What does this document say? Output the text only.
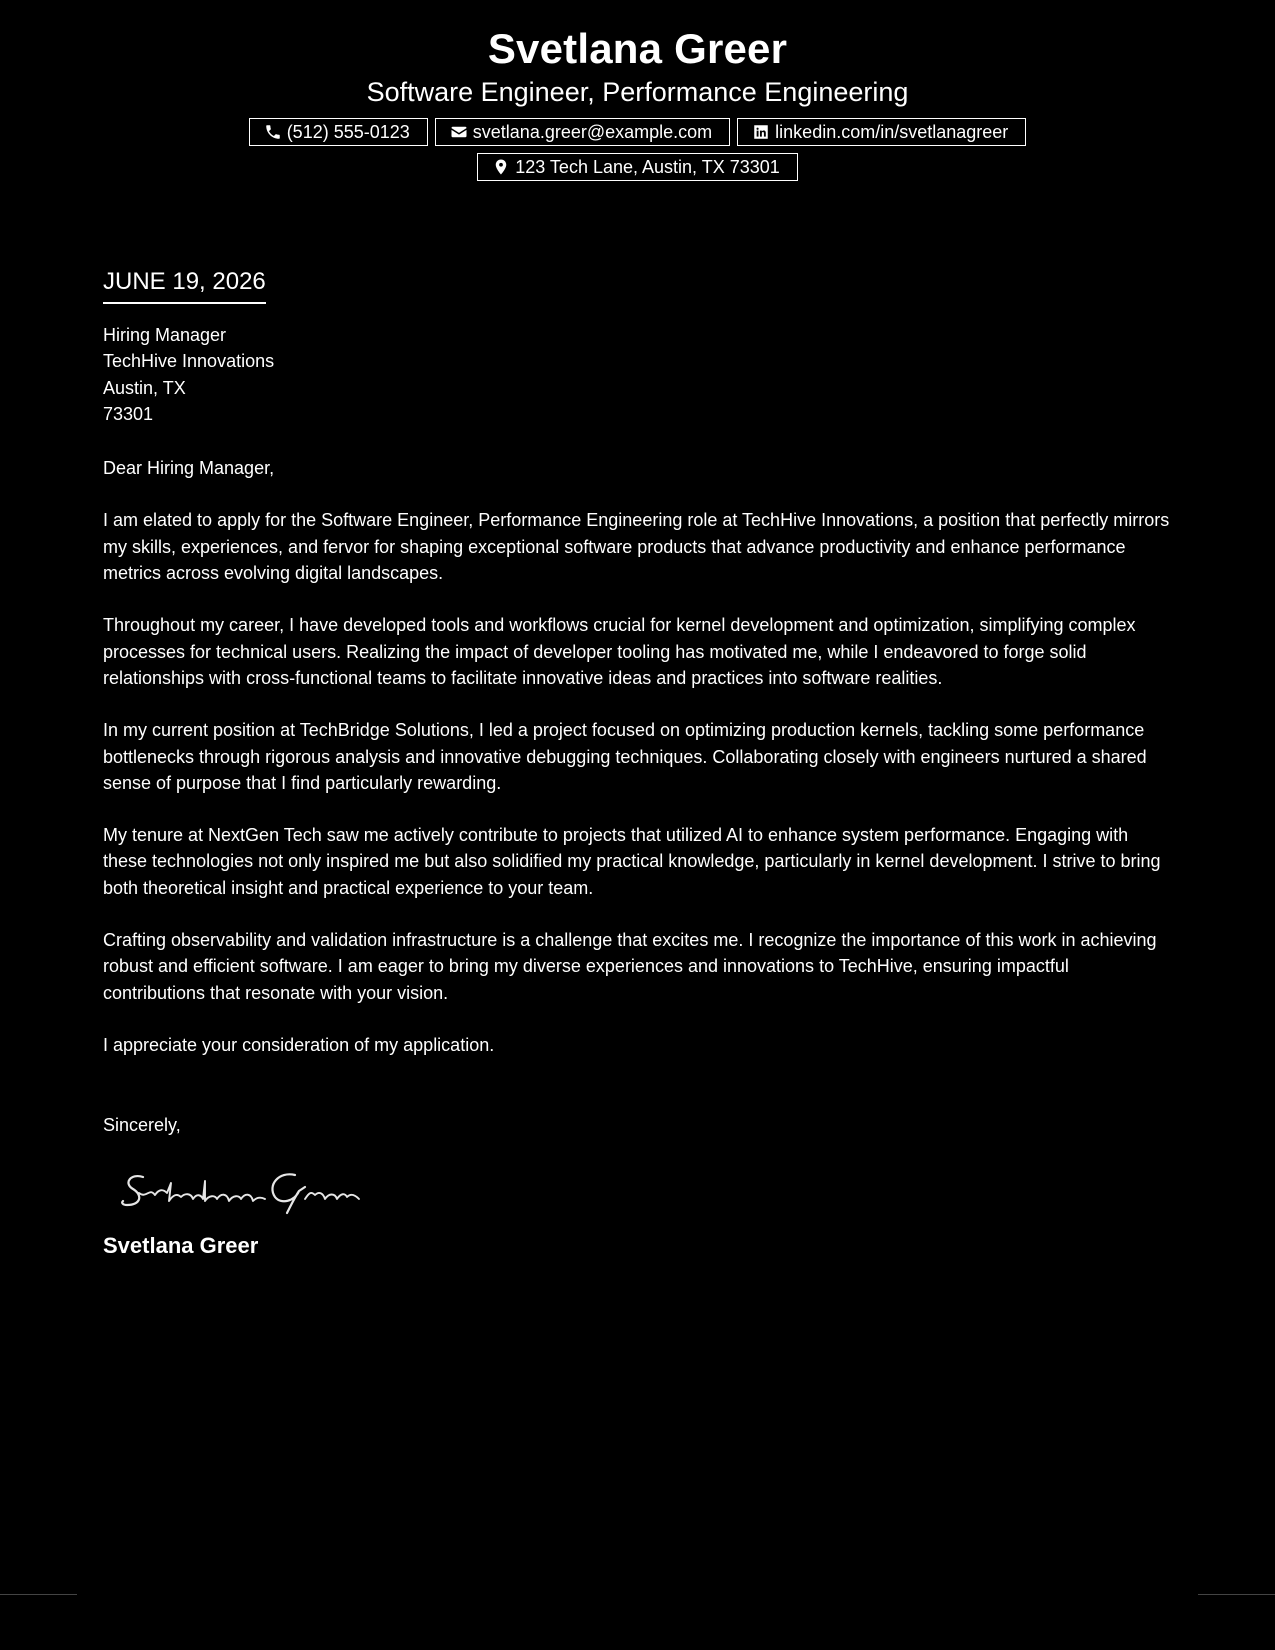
Svetlana Greer
Software Engineer, Performance Engineering
(512) 555-0123	svetlana.greer@example.com	linkedin.com/in/svetlanagreer
123 Tech Lane, Austin, TX 73301
JUNE 19, 2026
Hiring Manager
TechHive Innovations
Austin, TX
73301

Dear Hiring Manager,

I am elated to apply for the Software Engineer, Performance Engineering role at TechHive Innovations, a position that perfectly mirrors my skills, experiences, and fervor for shaping exceptional software products that advance productivity and enhance performance metrics across evolving digital landscapes.

Throughout my career, I have developed tools and workflows crucial for kernel development and optimization, simplifying complex processes for technical users. Realizing the impact of developer tooling has motivated me, while I endeavored to forge solid relationships with cross-functional teams to facilitate innovative ideas and practices into software realities.

In my current position at TechBridge Solutions, I led a project focused on optimizing production kernels, tackling some performance bottlenecks through rigorous analysis and innovative debugging techniques. Collaborating closely with engineers nurtured a shared sense of purpose that I find particularly rewarding.

My tenure at NextGen Tech saw me actively contribute to projects that utilized AI to enhance system performance. Engaging with these technologies not only inspired me but also solidified my practical knowledge, particularly in kernel development. I strive to bring both theoretical insight and practical experience to your team.

Crafting observability and validation infrastructure is a challenge that excites me. I recognize the importance of this work in achieving robust and efficient software. I am eager to bring my diverse experiences and innovations to TechHive, ensuring impactful contributions that resonate with your vision.

I appreciate your consideration of my application.

Sincerely,

Svetlana Greer
